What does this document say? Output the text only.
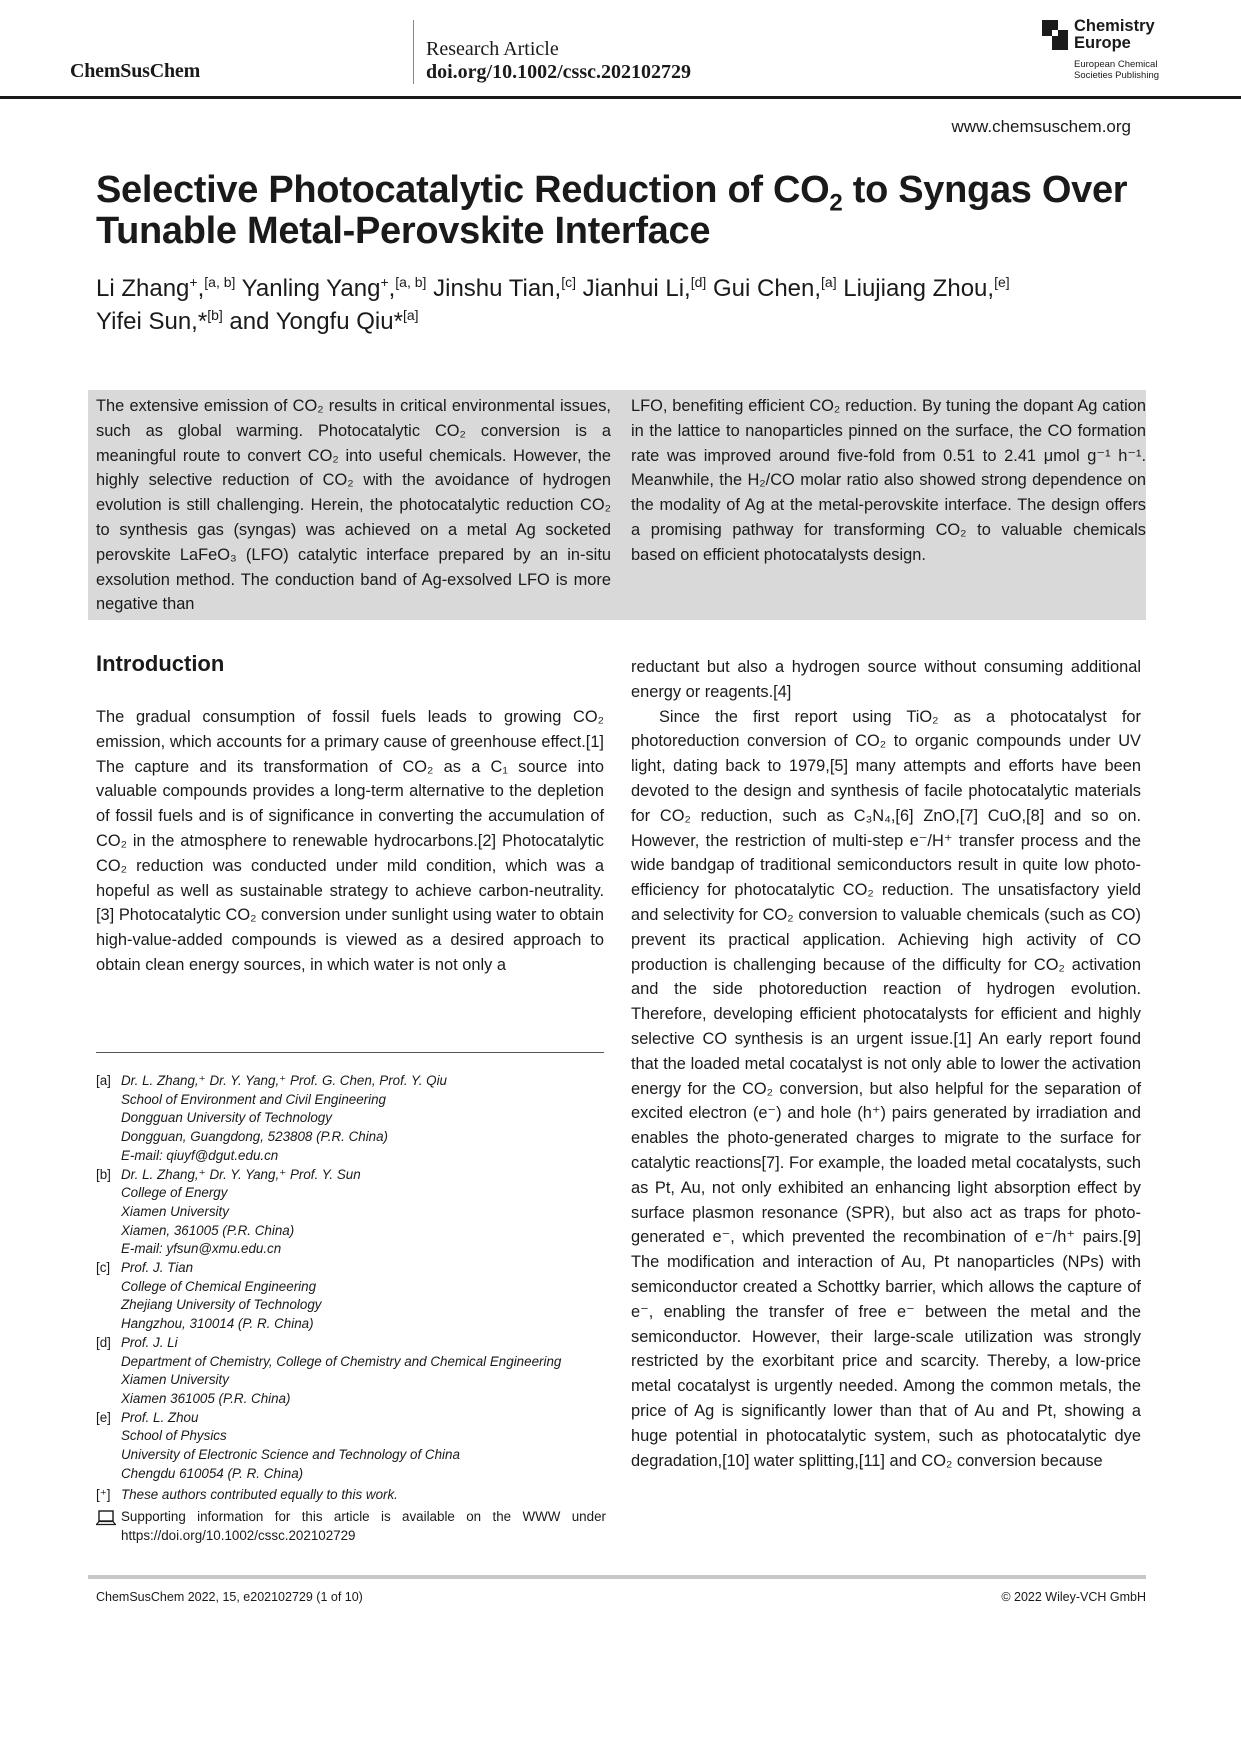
ChemSusChem
Research Article
doi.org/10.1002/cssc.202102729
Chemistry Europe
European Chemical Societies Publishing
www.chemsuschem.org
Selective Photocatalytic Reduction of $CO_2$ to Syngas Over Tunable Metal-Perovskite Interface
Li Zhang+,[a, b] Yanling Yang+,[a, b] Jinshu Tian,[c] Jianhui Li,[d] Gui Chen,[a] Liujiang Zhou,[e]
Yifei Sun,*[b] and Yongfu Qiu*[a]
The extensive emission of CO₂ results in critical environmental issues, such as global warming. Photocatalytic CO₂ conversion is a meaningful route to convert CO₂ into useful chemicals. However, the highly selective reduction of CO₂ with the avoidance of hydrogen evolution is still challenging. Herein, the photocatalytic reduction CO₂ to synthesis gas (syngas) was achieved on a metal Ag socketed perovskite LaFeO₃ (LFO) catalytic interface prepared by an in-situ exsolution method. The conduction band of Ag-exsolved LFO is more negative than
LFO, benefiting efficient CO₂ reduction. By tuning the dopant Ag cation in the lattice to nanoparticles pinned on the surface, the CO formation rate was improved around five-fold from 0.51 to 2.41 μmol g⁻¹ h⁻¹. Meanwhile, the H₂/CO molar ratio also showed strong dependence on the modality of Ag at the metal-perovskite interface. The design offers a promising pathway for transforming CO₂ to valuable chemicals based on efficient photocatalysts design.
Introduction

The gradual consumption of fossil fuels leads to growing CO₂ emission, which accounts for a primary cause of greenhouse effect.[1] The capture and its transformation of CO₂ as a C₁ source into valuable compounds provides a long-term alternative to the depletion of fossil fuels and is of significance in converting the accumulation of CO₂ in the atmosphere to renewable hydrocarbons.[2] Photocatalytic CO₂ reduction was conducted under mild condition, which was a hopeful as well as sustainable strategy to achieve carbon-neutrality.[3] Photocatalytic CO₂ conversion under sunlight using water to obtain high-value-added compounds is viewed as a desired approach to obtain clean energy sources, in which water is not only a

reductant but also a hydrogen source without consuming additional energy or reagents.[4]

Since the first report using TiO₂ as a photocatalyst for photoreduction conversion of CO₂ to organic compounds under UV light, dating back to 1979,[5] many attempts and efforts have been devoted to the design and synthesis of facile photocatalytic materials for CO₂ reduction, such as C₃N₄,[6] ZnO,[7] CuO,[8] and so on. However, the restriction of multi-step e⁻/H⁺ transfer process and the wide bandgap of traditional semiconductors result in quite low photo-efficiency for photocatalytic CO₂ reduction. The unsatisfactory yield and selectivity for CO₂ conversion to valuable chemicals (such as CO) prevent its practical application. Achieving high activity of CO production is challenging because of the difficulty for CO₂ activation and the side photoreduction reaction of hydrogen evolution. Therefore, developing efficient photocatalysts for efficient and highly selective CO synthesis is an urgent issue.[1] An early report found that the loaded metal cocatalyst is not only able to lower the activation energy for the CO₂ conversion, but also helpful for the separation of excited electron (e⁻) and hole (h⁺) pairs generated by irradiation and enables the photo-generated charges to migrate to the surface for catalytic reactions[7]. For example, the loaded metal cocatalysts, such as Pt, Au, not only exhibited an enhancing light absorption effect by surface plasmon resonance (SPR), but also act as traps for photo-generated e⁻, which prevented the recombination of e⁻/h⁺ pairs.[9] The modification and interaction of Au, Pt nanoparticles (NPs) with semiconductor created a Schottky barrier, which allows the capture of e⁻, enabling the transfer of free e⁻ between the metal and the semiconductor. However, their large-scale utilization was strongly restricted by the exorbitant price and scarcity. Thereby, a low-price metal cocatalyst is urgently needed. Among the common metals, the price of Ag is significantly lower than that of Au and Pt, showing a huge potential in photocatalytic system, such as photocatalytic dye degradation,[10] water splitting,[11] and CO₂ conversion because

[a] Dr. L. Zhang,⁺ Dr. Y. Yang,⁺ Prof. G. Chen, Prof. Y. Qiu
School of Environment and Civil Engineering
Dongguan University of Technology
Dongguan, Guangdong, 523808 (P.R. China)
E-mail: qiuyf@dgut.edu.cn
[b] Dr. L. Zhang,⁺ Dr. Y. Yang,⁺ Prof. Y. Sun
College of Energy
Xiamen University
Xiamen, 361005 (P.R. China)
E-mail: yfsun@xmu.edu.cn
[c] Prof. J. Tian
College of Chemical Engineering
Zhejiang University of Technology
Hangzhou, 310014 (P. R. China)
[d] Prof. J. Li
Department of Chemistry, College of Chemistry and Chemical Engineering
Xiamen University
Xiamen 361005 (P.R. China)
[e] Prof. L. Zhou
School of Physics
University of Electronic Science and Technology of China
Chengdu 610054 (P. R. China)
[⁺] These authors contributed equally to this work.
Supporting information for this article is available on the WWW under https://doi.org/10.1002/cssc.202102729
ChemSusChem 2022, 15, e202102729 (1 of 10)	© 2022 Wiley-VCH GmbH
